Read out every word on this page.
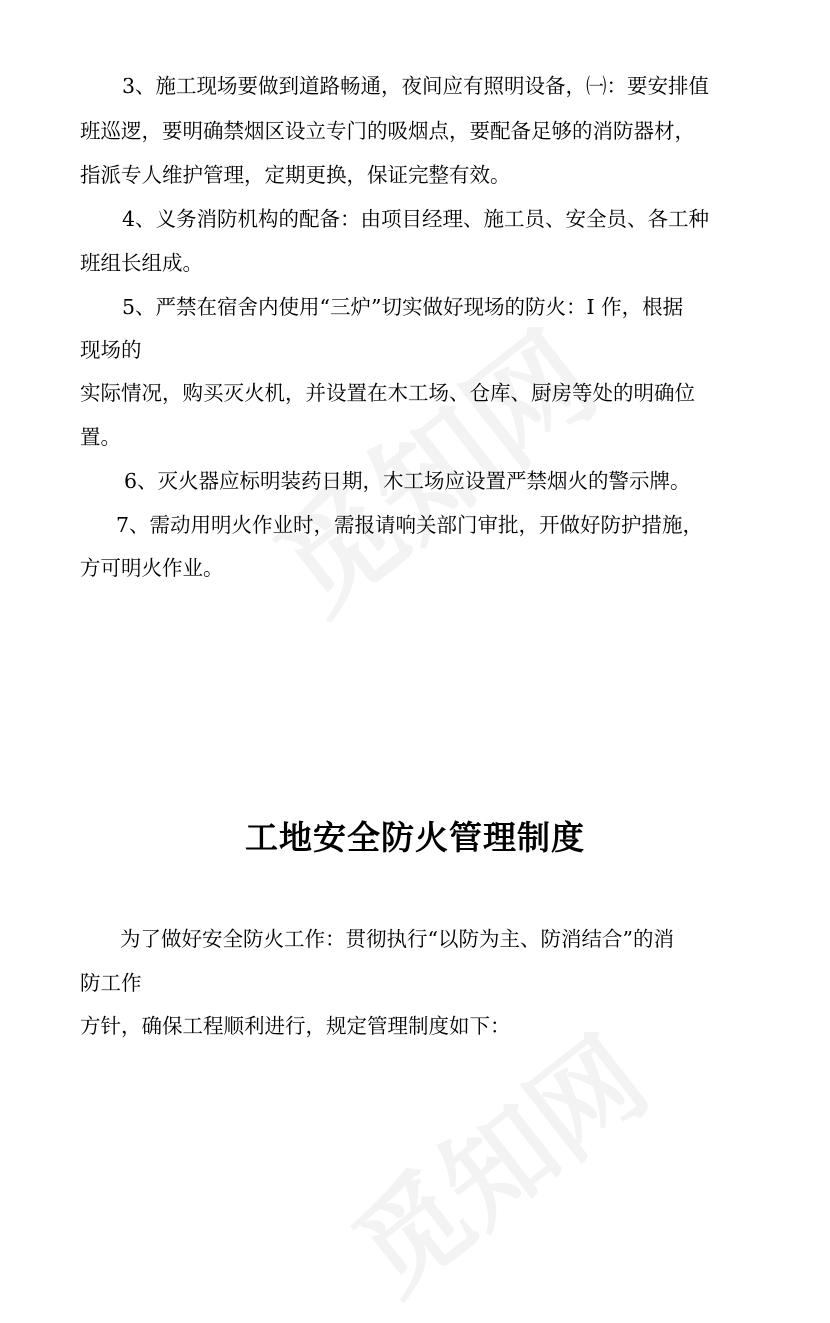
3、施工现场要做到道路畅通，夜间应有照明设备，㈠：要安排值
班巡逻，要明确禁烟区设立专门的吸烟点，要配备足够的消防器材，
指派专人维护管理，定期更换，保证完整有效。
4、义务消防机构的配备：由项目经理、施工员、安全员、各工种
班组长组成。
5、严禁在宿舍内使用“三炉”切实做好现场的防火：I 作，根据
现场的
实际情况，购买灭火机，并设置在木工场、仓库、厨房等处的明确位
置。
6、灭火器应标明装药日期，木工场应设置严禁烟火的警示牌。
7、需动用明火作业时，需报请响关部门审批，开做好防护措施，
方可明火作业。
工地安全防火管理制度
为了做好安全防火工作：贯彻执行“以防为主、防消结合”的消
防工作
方针，确保工程顺利进行，规定管理制度如下：
